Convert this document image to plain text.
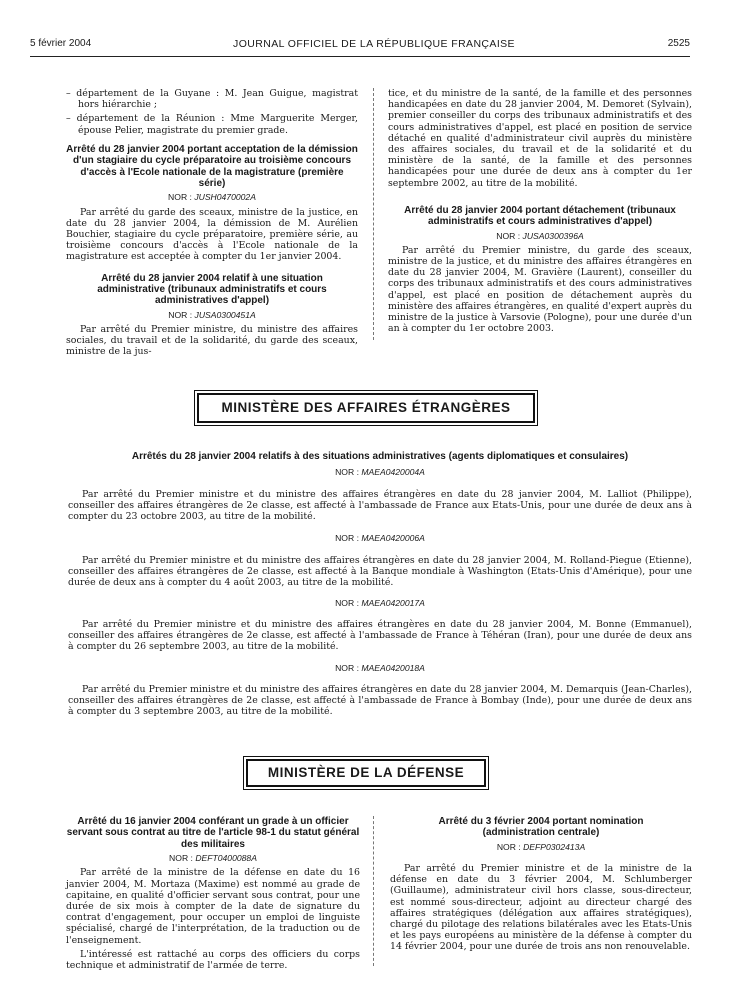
5 février 2004	JOURNAL OFFICIEL DE LA RÉPUBLIQUE FRANÇAISE	2525

– département de la Guyane : M. Jean Guigue, magistrat hors hiérarchie ;

– département de la Réunion : Mme Marguerite Merger, épouse Pelier, magistrate du premier grade.

Arrêté du 28 janvier 2004 portant acceptation de la démission d'un stagiaire du cycle préparatoire au troisième concours d'accès à l'Ecole nationale de la magistrature (première série)

NOR : JUSH0470002A

Par arrêté du garde des sceaux, ministre de la justice, en date du 28 janvier 2004, la démission de M. Aurélien Bouchier, stagiaire du cycle préparatoire, première série, au troisième concours d'accès à l'Ecole nationale de la magistrature est acceptée à compter du 1er janvier 2004.

Arrêté du 28 janvier 2004 relatif à une situation administrative (tribunaux administratifs et cours administratives d'appel)

NOR : JUSA0300451A

Par arrêté du Premier ministre, du ministre des affaires sociales, du travail et de la solidarité, du garde des sceaux, ministre de la jus-

tice, et du ministre de la santé, de la famille et des personnes handicapées en date du 28 janvier 2004, M. Demoret (Sylvain), premier conseiller du corps des tribunaux administratifs et des cours administratives d'appel, est placé en position de service détaché en qualité d'administrateur civil auprès du ministère des affaires sociales, du travail et de la solidarité et du ministère de la santé, de la famille et des personnes handicapées pour une durée de deux ans à compter du 1er septembre 2002, au titre de la mobilité.

Arrêté du 28 janvier 2004 portant détachement (tribunaux administratifs et cours administratives d'appel)

NOR : JUSA0300396A

Par arrêté du Premier ministre, du garde des sceaux, ministre de la justice, et du ministre des affaires étrangères en date du 28 janvier 2004, M. Gravière (Laurent), conseiller du corps des tribunaux administratifs et des cours administratives d'appel, est placé en position de détachement auprès du ministère des affaires étrangères, en qualité d'expert auprès du ministre de la justice à Varsovie (Pologne), pour une durée d'un an à compter du 1er octobre 2003.

MINISTÈRE DES AFFAIRES ÉTRANGÈRES

Arrêtés du 28 janvier 2004 relatifs à des situations administratives (agents diplomatiques et consulaires)

NOR : MAEA0420004A

Par arrêté du Premier ministre et du ministre des affaires étrangères en date du 28 janvier 2004, M. Lalliot (Philippe), conseiller des affaires étrangères de 2e classe, est affecté à l'ambassade de France aux Etats-Unis, pour une durée de deux ans à compter du 23 octobre 2003, au titre de la mobilité.

NOR : MAEA0420006A

Par arrêté du Premier ministre et du ministre des affaires étrangères en date du 28 janvier 2004, M. Rolland-Piegue (Etienne), conseiller des affaires étrangères de 2e classe, est affecté à la Banque mondiale à Washington (Etats-Unis d'Amérique), pour une durée de deux ans à compter du 4 août 2003, au titre de la mobilité.

NOR : MAEA0420017A

Par arrêté du Premier ministre et du ministre des affaires étrangères en date du 28 janvier 2004, M. Bonne (Emmanuel), conseiller des affaires étrangères de 2e classe, est affecté à l'ambassade de France à Téhéran (Iran), pour une durée de deux ans à compter du 26 septembre 2003, au titre de la mobilité.

NOR : MAEA0420018A

Par arrêté du Premier ministre et du ministre des affaires étrangères en date du 28 janvier 2004, M. Demarquis (Jean-Charles), conseiller des affaires étrangères de 2e classe, est affecté à l'ambassade de France à Bombay (Inde), pour une durée de deux ans à compter du 3 septembre 2003, au titre de la mobilité.

MINISTÈRE DE LA DÉFENSE

Arrêté du 16 janvier 2004 conférant un grade à un officier servant sous contrat au titre de l'article 98-1 du statut général des militaires

NOR : DEFT0400088A

Par arrêté de la ministre de la défense en date du 16 janvier 2004, M. Mortaza (Maxime) est nommé au grade de capitaine, en qualité d'officier servant sous contrat, pour une durée de six mois à compter de la date de signature du contrat d'engagement, pour occuper un emploi de linguiste spécialisé, chargé de l'interprétation, de la traduction ou de l'enseignement.

L'intéressé est rattaché au corps des officiers du corps technique et administratif de l'armée de terre.

Arrêté du 3 février 2004 portant nomination (administration centrale)

NOR : DEFP0302413A

Par arrêté du Premier ministre et de la ministre de la défense en date du 3 février 2004, M. Schlumberger (Guillaume), administrateur civil hors classe, sous-directeur, est nommé sous-directeur, adjoint au directeur chargé des affaires stratégiques (délégation aux affaires stratégiques), chargé du pilotage des relations bilatérales avec les Etats-Unis et les pays européens au ministère de la défense à compter du 14 février 2004, pour une durée de trois ans non renouvelable.
